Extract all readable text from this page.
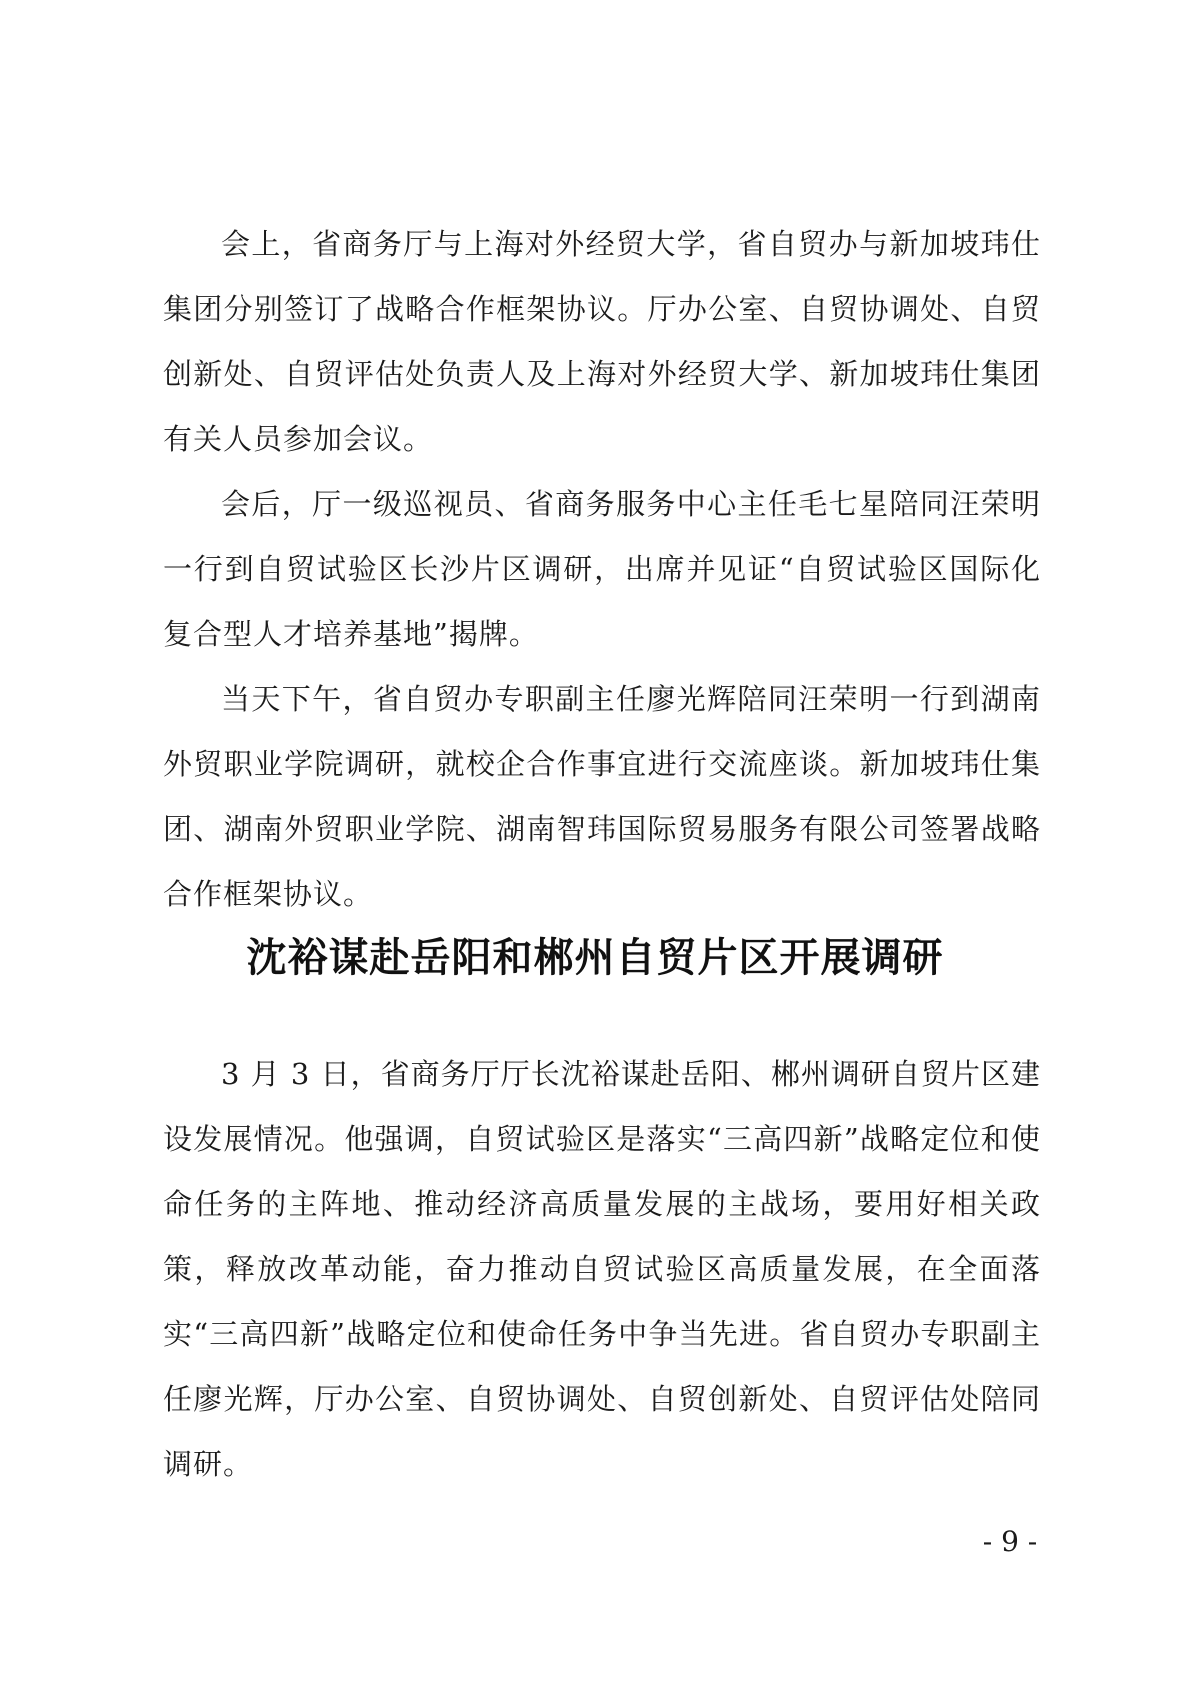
会上，省商务厅与上海对外经贸大学，省自贸办与新加坡玮仕集团分别签订了战略合作框架协议。厅办公室、自贸协调处、自贸创新处、自贸评估处负责人及上海对外经贸大学、新加坡玮仕集团有关人员参加会议。

会后，厅一级巡视员、省商务服务中心主任毛七星陪同汪荣明一行到自贸试验区长沙片区调研，出席并见证“自贸试验区国际化复合型人才培养基地”揭牌。

当天下午，省自贸办专职副主任廖光辉陪同汪荣明一行到湖南外贸职业学院调研，就校企合作事宜进行交流座谈。新加坡玮仕集团、湖南外贸职业学院、湖南智玮国际贸易服务有限公司签署战略合作框架协议。

沈裕谋赴岳阳和郴州自贸片区开展调研

3 月 3 日，省商务厅厅长沈裕谋赴岳阳、郴州调研自贸片区建设发展情况。他强调，自贸试验区是落实“三高四新”战略定位和使命任务的主阵地、推动经济高质量发展的主战场，要用好相关政策，释放改革动能，奋力推动自贸试验区高质量发展，在全面落实“三高四新”战略定位和使命任务中争当先进。省自贸办专职副主任廖光辉，厅办公室、自贸协调处、自贸创新处、自贸评估处陪同调研。

- 9 -
